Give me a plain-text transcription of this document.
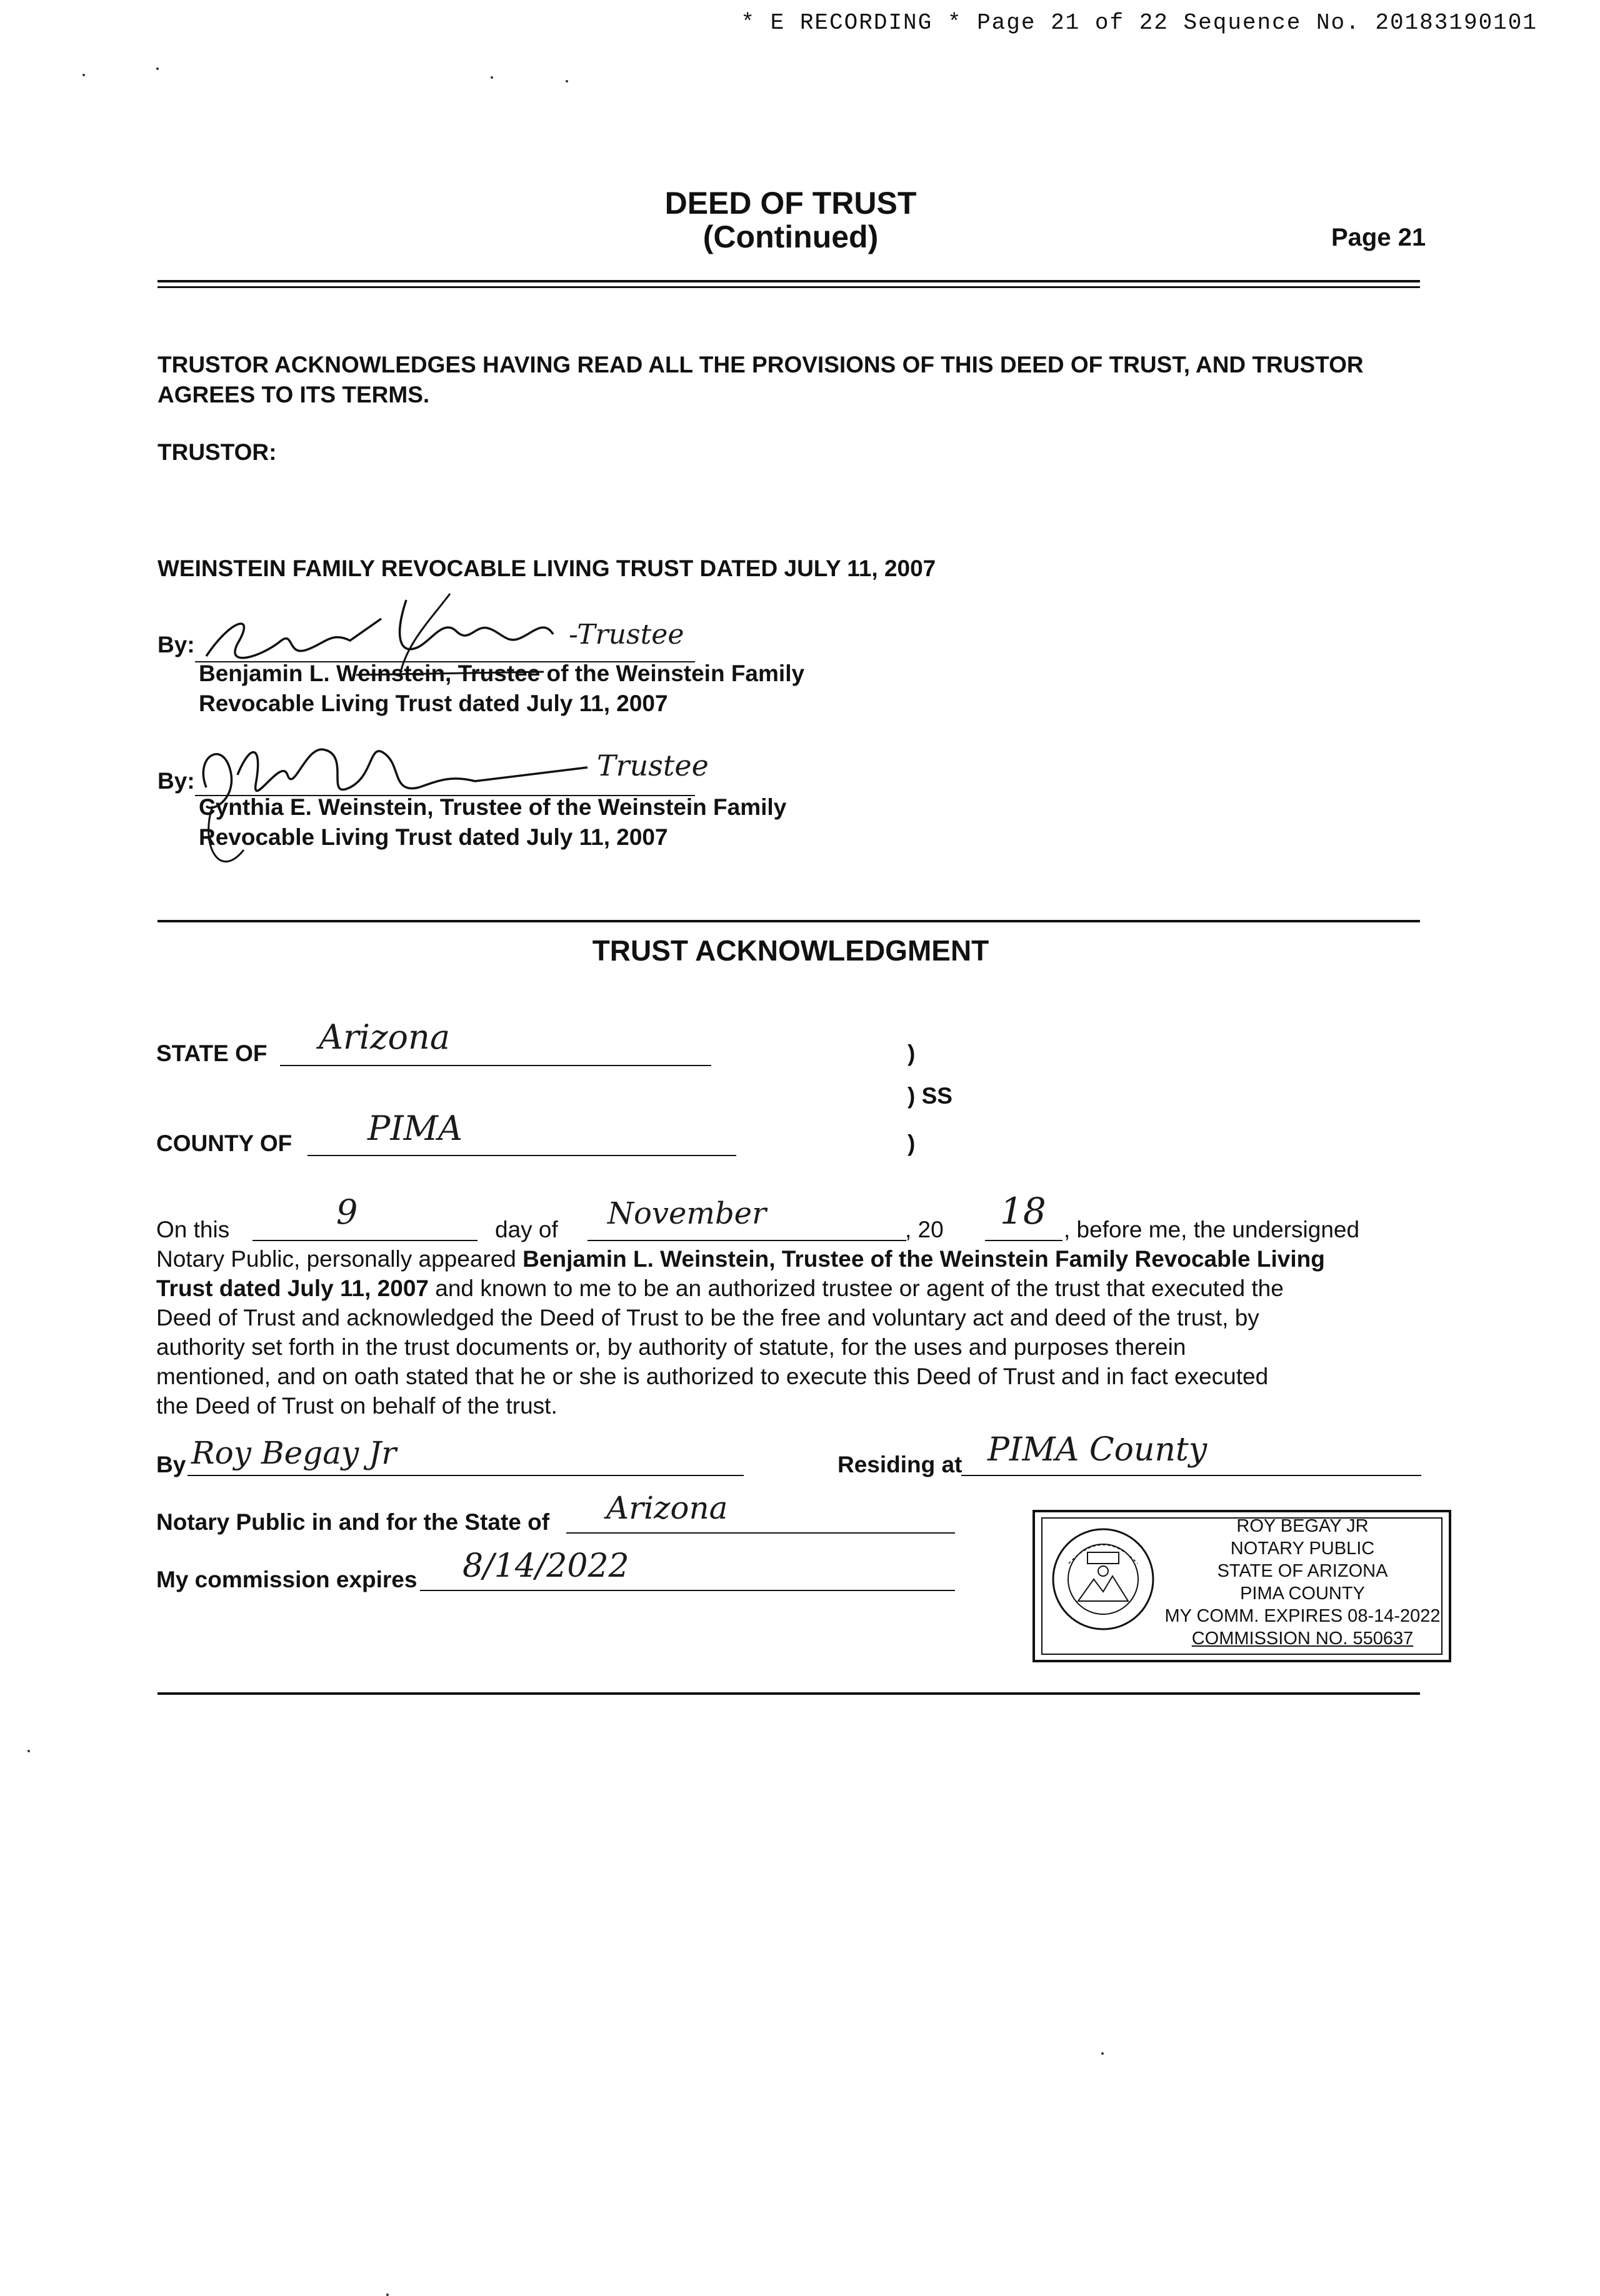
* E RECORDING * Page 21 of 22 Sequence No. 20183190101
DEED OF TRUST
(Continued)	Page 21
TRUSTOR ACKNOWLEDGES HAVING READ ALL THE PROVISIONS OF THIS DEED OF TRUST, AND TRUSTOR AGREES TO ITS TERMS.
TRUSTOR:
WEINSTEIN FAMILY REVOCABLE LIVING TRUST DATED JULY 11, 2007
By:	-Trustee
Benjamin L. Weinstein, Trustee of the Weinstein Family
Revocable Living Trust dated July 11, 2007
By:	Trustee
Cynthia E. Weinstein, Trustee of the Weinstein Family
Revocable Living Trust dated July 11, 2007
TRUST ACKNOWLEDGMENT
STATE OF Arizona	)
) SS
COUNTY OF PIMA	)
On this	9	day of November	, 20 18 , before me, the undersigned
Notary Public, personally appeared Benjamin L. Weinstein, Trustee of the Weinstein Family Revocable Living
Trust dated July 11, 2007 and known to me to be an authorized trustee or agent of the trust that executed the
Deed of Trust and acknowledged the Deed of Trust to be the free and voluntary act and deed of the trust, by
authority set forth in the trust documents or, by authority of statute, for the uses and purposes therein
mentioned, and on oath stated that he or she is authorized to execute this Deed of Trust and in fact executed
the Deed of Trust on behalf of the trust.
By Roy Begay Jr	Residing at PIMA County
Notary Public in and for the State of Arizona
My commission expires 8/14/2022
ROY BEGAY JR
NOTARY PUBLIC
STATE OF ARIZONA
PIMA COUNTY
MY COMM. EXPIRES 08-14-2022
COMMISSION NO. 550637
